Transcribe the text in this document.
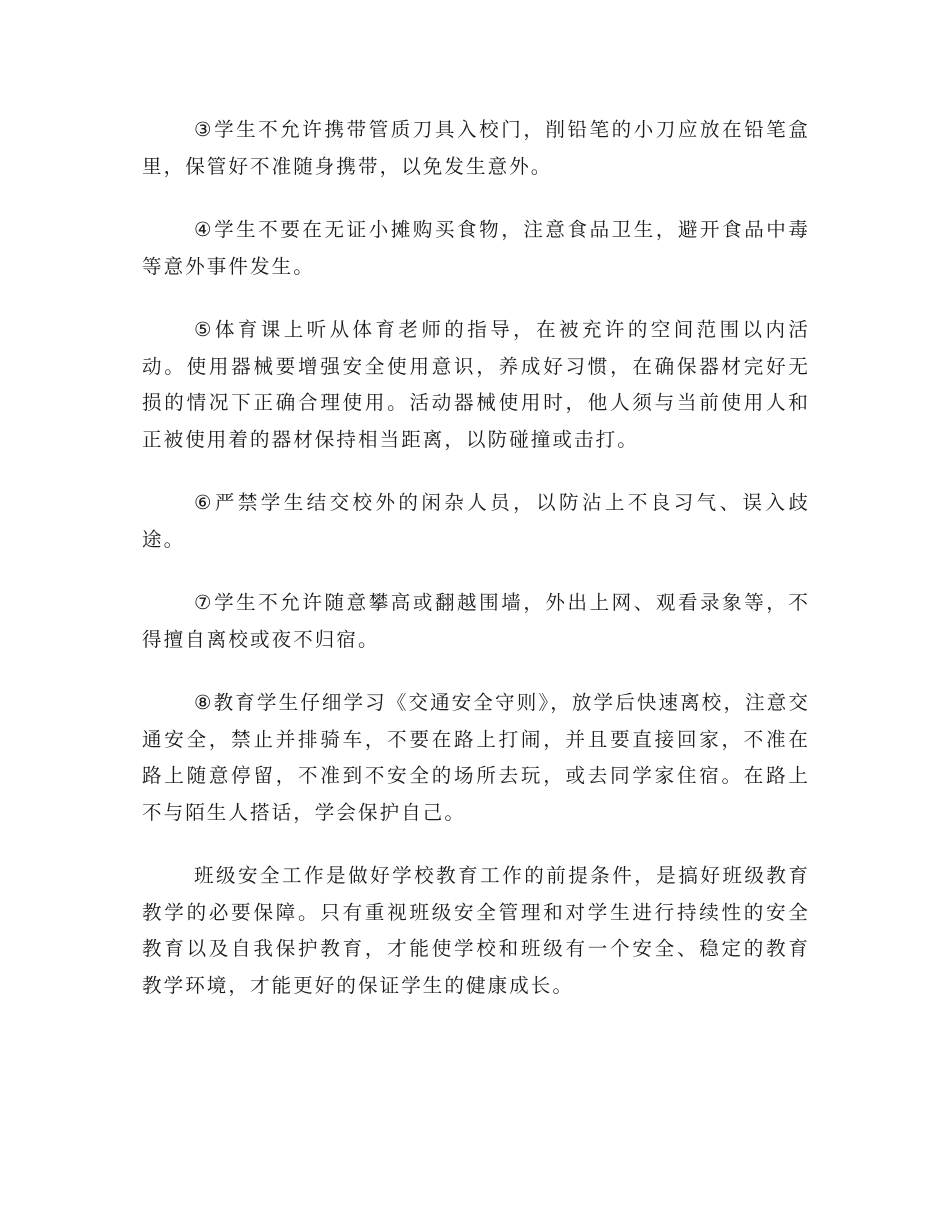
③学生不允许携带管质刀具入校门，削铅笔的小刀应放在铅笔盒里，保管好不准随身携带，以免发生意外。

④学生不要在无证小摊购买食物，注意食品卫生，避开食品中毒等意外事件发生。

⑤体育课上听从体育老师的指导，在被充许的空间范围以内活动。使用器械要增强安全使用意识，养成好习惯，在确保器材完好无损的情况下正确合理使用。活动器械使用时，他人须与当前使用人和正被使用着的器材保持相当距离，以防碰撞或击打。

⑥严禁学生结交校外的闲杂人员，以防沾上不良习气、误入歧途。

⑦学生不允许随意攀高或翻越围墙，外出上网、观看录象等，不得擅自离校或夜不归宿。

⑧教育学生仔细学习《交通安全守则》，放学后快速离校，注意交通安全，禁止并排骑车，不要在路上打闹，并且要直接回家，不准在路上随意停留，不准到不安全的场所去玩，或去同学家住宿。在路上不与陌生人搭话，学会保护自己。

班级安全工作是做好学校教育工作的前提条件，是搞好班级教育教学的必要保障。只有重视班级安全管理和对学生进行持续性的安全教育以及自我保护教育，才能使学校和班级有一个安全、稳定的教育教学环境，才能更好的保证学生的健康成长。
